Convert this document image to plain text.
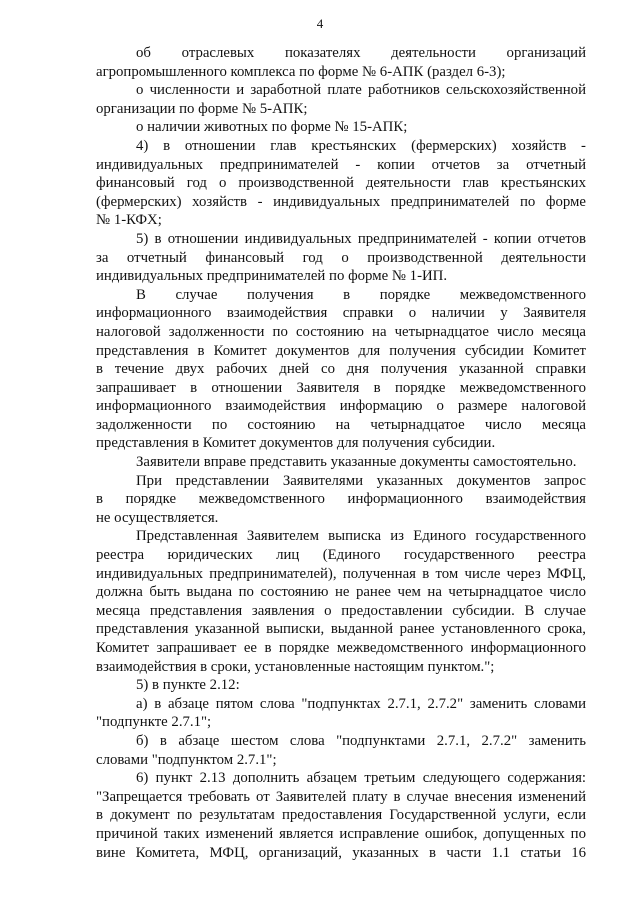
4
об отраслевых показателях деятельности организаций
агропромышленного комплекса по форме № 6-АПК (раздел 6-3);
о численности и заработной плате работников сельскохозяйственной
организации по форме № 5-АПК;
о наличии животных по форме № 15-АПК;
4) в отношении глав крестьянских (фермерских) хозяйств -
индивидуальных предпринимателей - копии отчетов за отчетный
финансовый год о производственной деятельности глав крестьянских
(фермерских) хозяйств - индивидуальных предпринимателей по форме
№ 1-КФХ;
5) в отношении индивидуальных предпринимателей - копии отчетов
за отчетный финансовый год о производственной деятельности
индивидуальных предпринимателей по форме № 1-ИП.
В случае получения в порядке межведомственного
информационного взаимодействия справки о наличии у Заявителя
налоговой задолженности по состоянию на четырнадцатое число месяца
представления в Комитет документов для получения субсидии Комитет
в течение двух рабочих дней со дня получения указанной справки
запрашивает в отношении Заявителя в порядке межведомственного
информационного взаимодействия информацию о размере налоговой
задолженности по состоянию на четырнадцатое число месяца
представления в Комитет документов для получения субсидии.
Заявители вправе представить указанные документы самостоятельно.
При представлении Заявителями указанных документов запрос
в порядке межведомственного информационного взаимодействия
не осуществляется.
Представленная Заявителем выписка из Единого государственного
реестра юридических лиц (Единого государственного реестра
индивидуальных предпринимателей), полученная в том числе через МФЦ,
должна быть выдана по состоянию не ранее чем на четырнадцатое число
месяца представления заявления о предоставлении субсидии. В случае
представления указанной выписки, выданной ранее установленного срока,
Комитет запрашивает ее в порядке межведомственного информационного
взаимодействия в сроки, установленные настоящим пунктом.";
5) в пункте 2.12:
а) в абзаце пятом слова "подпунктах 2.7.1, 2.7.2" заменить словами
"подпункте 2.7.1";
б) в абзаце шестом слова "подпунктами 2.7.1, 2.7.2" заменить
словами "подпунктом 2.7.1";
6) пункт 2.13 дополнить абзацем третьим следующего содержания:
"Запрещается требовать от Заявителей плату в случае внесения изменений
в документ по результатам предоставления Государственной услуги, если
причиной таких изменений является исправление ошибок, допущенных по
вине Комитета, МФЦ, организаций, указанных в части 1.1 статьи 16
